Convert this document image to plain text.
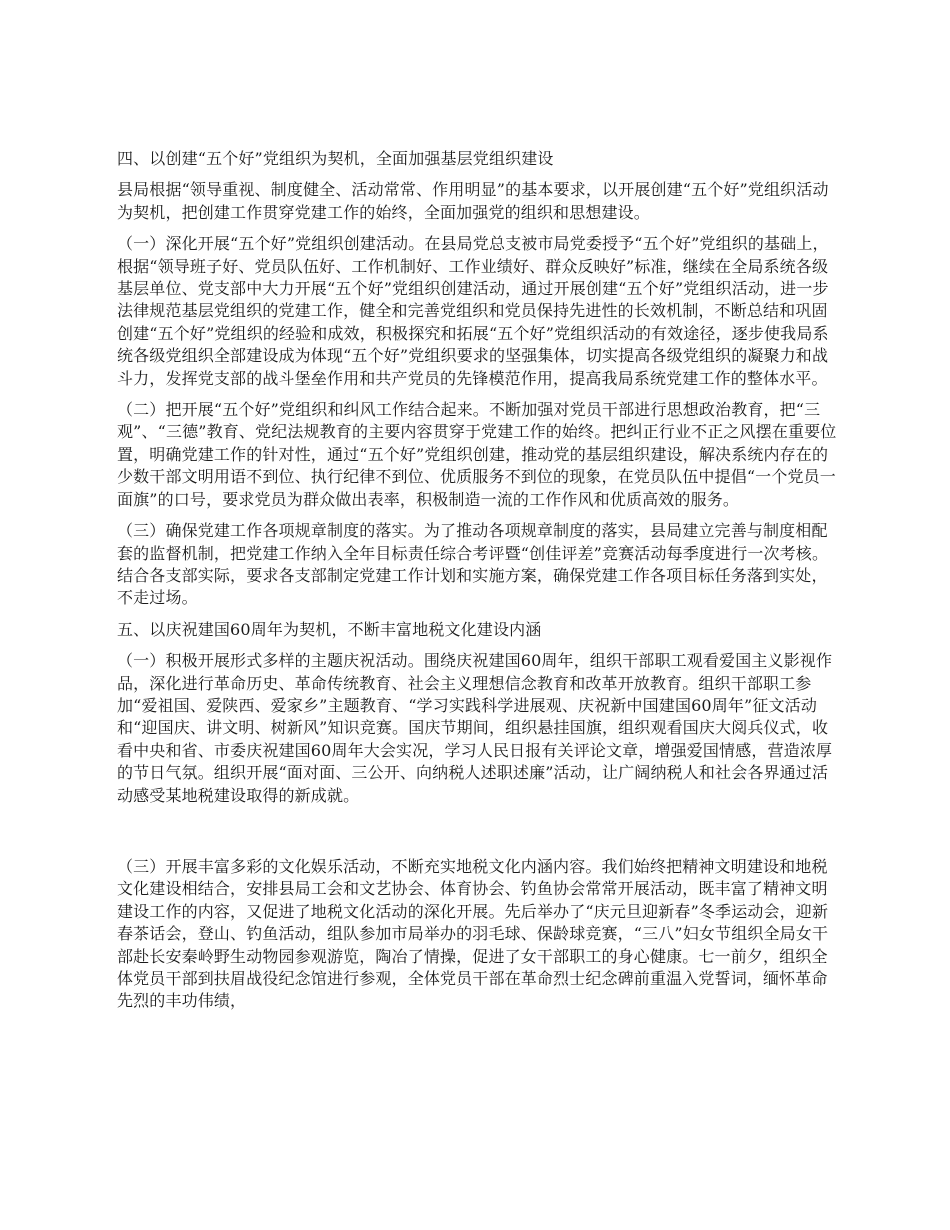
四、以创建“五个好”党组织为契机，全面加强基层党组织建设
县局根据“领导重视、制度健全、活动常常、作用明显”的基本要求，以开展创建“五个好”党组织活动为契机，把创建工作贯穿党建工作的始终，全面加强党的组织和思想建设。
（一）深化开展“五个好”党组织创建活动。在县局党总支被市局党委授予“五个好”党组织的基础上，根据“领导班子好、党员队伍好、工作机制好、工作业绩好、群众反映好”标准，继续在全局系统各级基层单位、党支部中大力开展“五个好”党组织创建活动，通过开展创建“五个好”党组织活动，进一步法律规范基层党组织的党建工作，健全和完善党组织和党员保持先进性的长效机制，不断总结和巩固创建“五个好”党组织的经验和成效，积极探究和拓展“五个好”党组织活动的有效途径，逐步使我局系统各级党组织全部建设成为体现“五个好”党组织要求的坚强集体，切实提高各级党组织的凝聚力和战斗力，发挥党支部的战斗堡垒作用和共产党员的先锋模范作用，提高我局系统党建工作的整体水平。
（二）把开展“五个好”党组织和纠风工作结合起来。不断加强对党员干部进行思想政治教育，把“三观”、“三德”教育、党纪法规教育的主要内容贯穿于党建工作的始终。把纠正行业不正之风摆在重要位置，明确党建工作的针对性，通过“五个好”党组织创建，推动党的基层组织建设，解决系统内存在的少数干部文明用语不到位、执行纪律不到位、优质服务不到位的现象，在党员队伍中提倡“一个党员一面旗”的口号，要求党员为群众做出表率，积极制造一流的工作作风和优质高效的服务。
（三）确保党建工作各项规章制度的落实。为了推动各项规章制度的落实，县局建立完善与制度相配套的监督机制，把党建工作纳入全年目标责任综合考评暨“创佳评差”竞赛活动每季度进行一次考核。结合各支部实际，要求各支部制定党建工作计划和实施方案，确保党建工作各项目标任务落到实处，不走过场。
五、以庆祝建国60周年为契机，不断丰富地税文化建设内涵
（一）积极开展形式多样的主题庆祝活动。围绕庆祝建国60周年，组织干部职工观看爱国主义影视作品，深化进行革命历史、革命传统教育、社会主义理想信念教育和改革开放教育。组织干部职工参加“爱祖国、爱陕西、爱家乡”主题教育、“学习实践科学进展观、庆祝新中国建国60周年”征文活动和“迎国庆、讲文明、树新风”知识竞赛。国庆节期间，组织悬挂国旗，组织观看国庆大阅兵仪式，收看中央和省、市委庆祝建国60周年大会实况，学习人民日报有关评论文章，增强爱国情感，营造浓厚的节日气氛。组织开展“面对面、三公开、向纳税人述职述廉”活动，让广阔纳税人和社会各界通过活动感受某地税建设取得的新成就。
（三）开展丰富多彩的文化娱乐活动，不断充实地税文化内涵内容。我们始终把精神文明建设和地税文化建设相结合，安排县局工会和文艺协会、体育协会、钓鱼协会常常开展活动，既丰富了精神文明建设工作的内容，又促进了地税文化活动的深化开展。先后举办了“庆元旦迎新春”冬季运动会，迎新春茶话会，登山、钓鱼活动，组队参加市局举办的羽毛球、保龄球竞赛，“三八”妇女节组织全局女干部赴长安秦岭野生动物园参观游览，陶冶了情操，促进了女干部职工的身心健康。七一前夕，组织全体党员干部到扶眉战役纪念馆进行参观，全体党员干部在革命烈士纪念碑前重温入党誓词，缅怀革命先烈的丰功伟绩，
